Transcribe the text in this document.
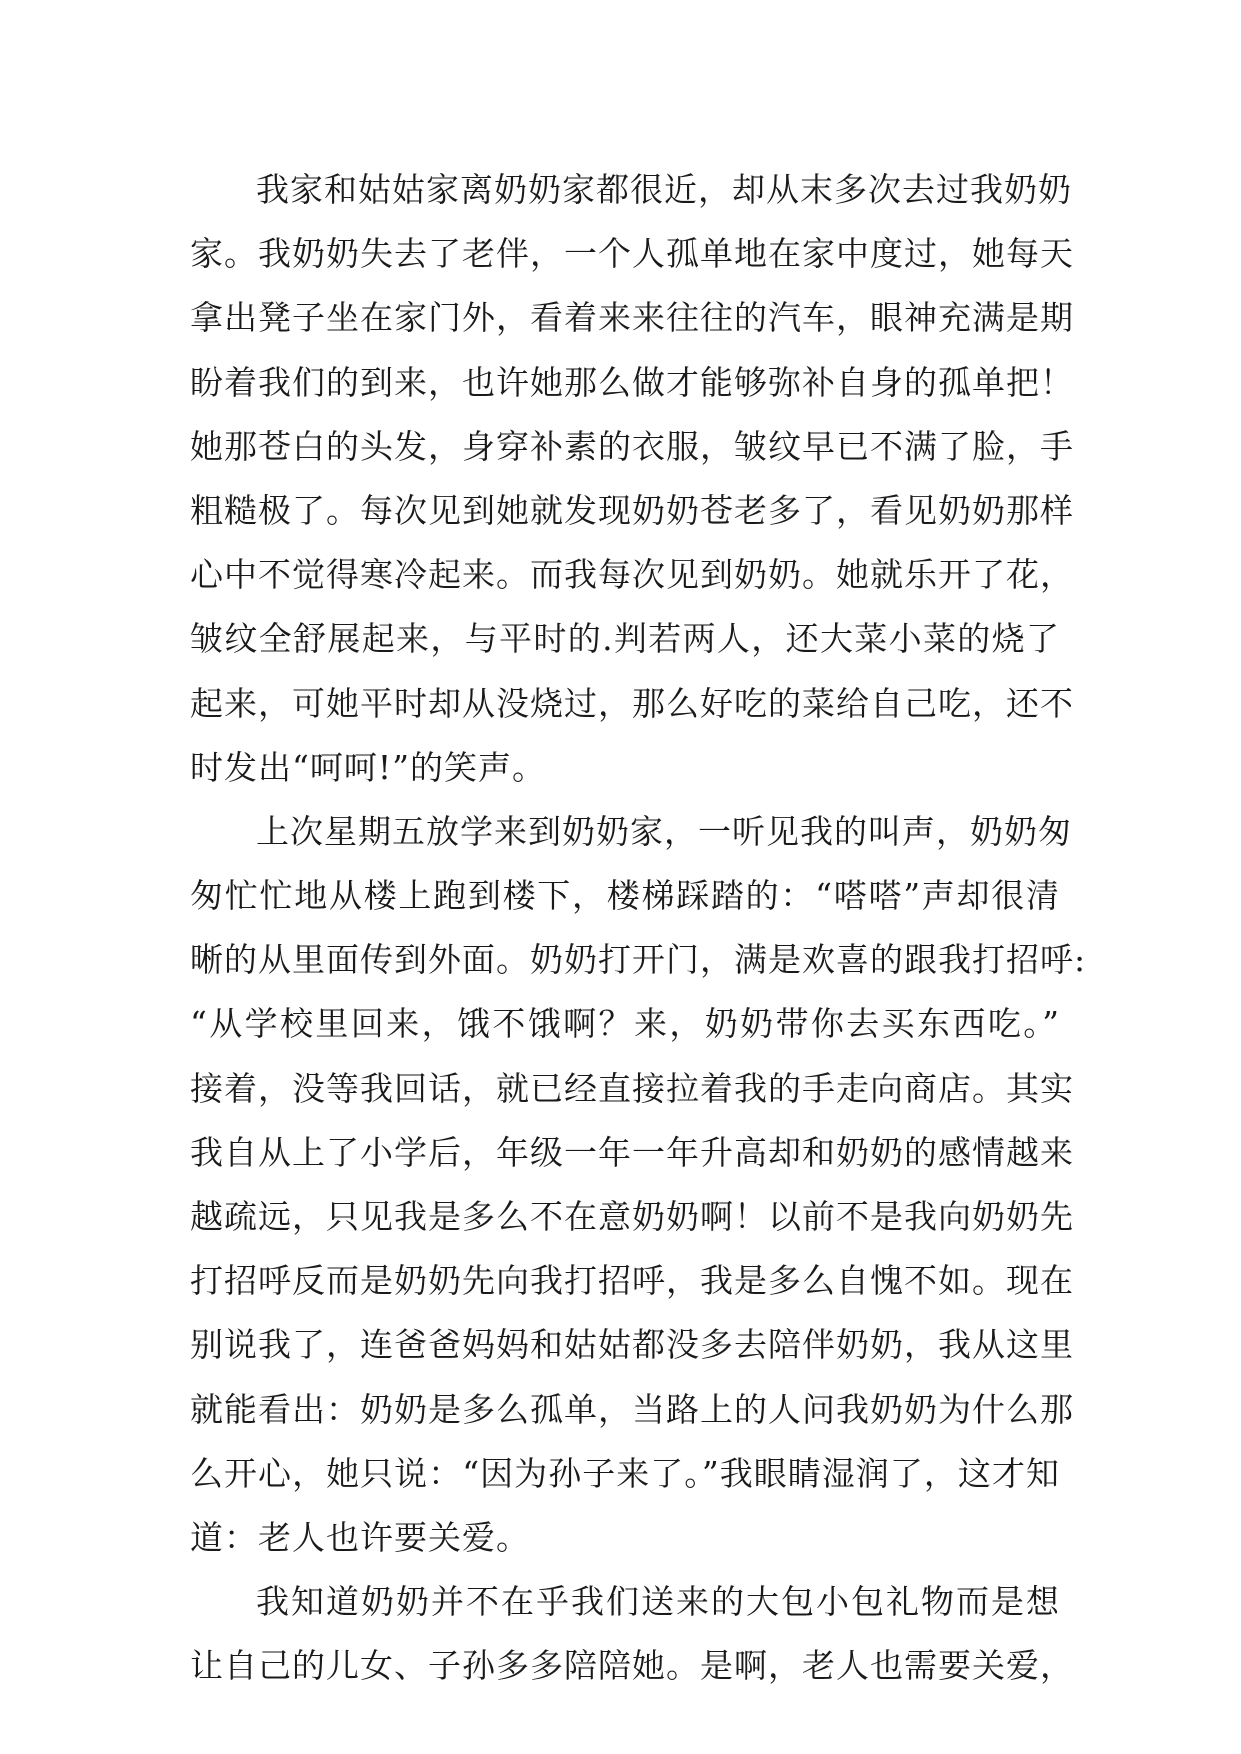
我家和姑姑家离奶奶家都很近，却从末多次去过我奶奶
家。我奶奶失去了老伴，一个人孤单地在家中度过，她每天
拿出凳子坐在家门外，看着来来往往的汽车，眼神充满是期
盼着我们的到来，也许她那么做才能够弥补自身的孤单把！
她那苍白的头发，身穿补素的衣服，皱纹早已不满了脸，手
粗糙极了。每次见到她就发现奶奶苍老多了，看见奶奶那样
心中不觉得寒冷起来。而我每次见到奶奶。她就乐开了花，
皱纹全舒展起来，与平时的.判若两人，还大菜小菜的烧了
起来，可她平时却从没烧过，那么好吃的菜给自己吃，还不
时发出“呵呵!”的笑声。
上次星期五放学来到奶奶家，一听见我的叫声，奶奶匆
匆忙忙地从楼上跑到楼下，楼梯踩踏的：“嗒嗒”声却很清
晰的从里面传到外面。奶奶打开门，满是欢喜的跟我打招呼:
“从学校里回来，饿不饿啊？来，奶奶带你去买东西吃。”
接着，没等我回话，就已经直接拉着我的手走向商店。其实
我自从上了小学后，年级一年一年升高却和奶奶的感情越来
越疏远，只见我是多么不在意奶奶啊！以前不是我向奶奶先
打招呼反而是奶奶先向我打招呼，我是多么自愧不如。现在
别说我了，连爸爸妈妈和姑姑都没多去陪伴奶奶，我从这里
就能看出：奶奶是多么孤单，当路上的人问我奶奶为什么那
么开心，她只说：“因为孙子来了。”我眼睛湿润了，这才知
道：老人也许要关爱。
我知道奶奶并不在乎我们送来的大包小包礼物而是想
让自己的儿女、子孙多多陪陪她。是啊，老人也需要关爱，
